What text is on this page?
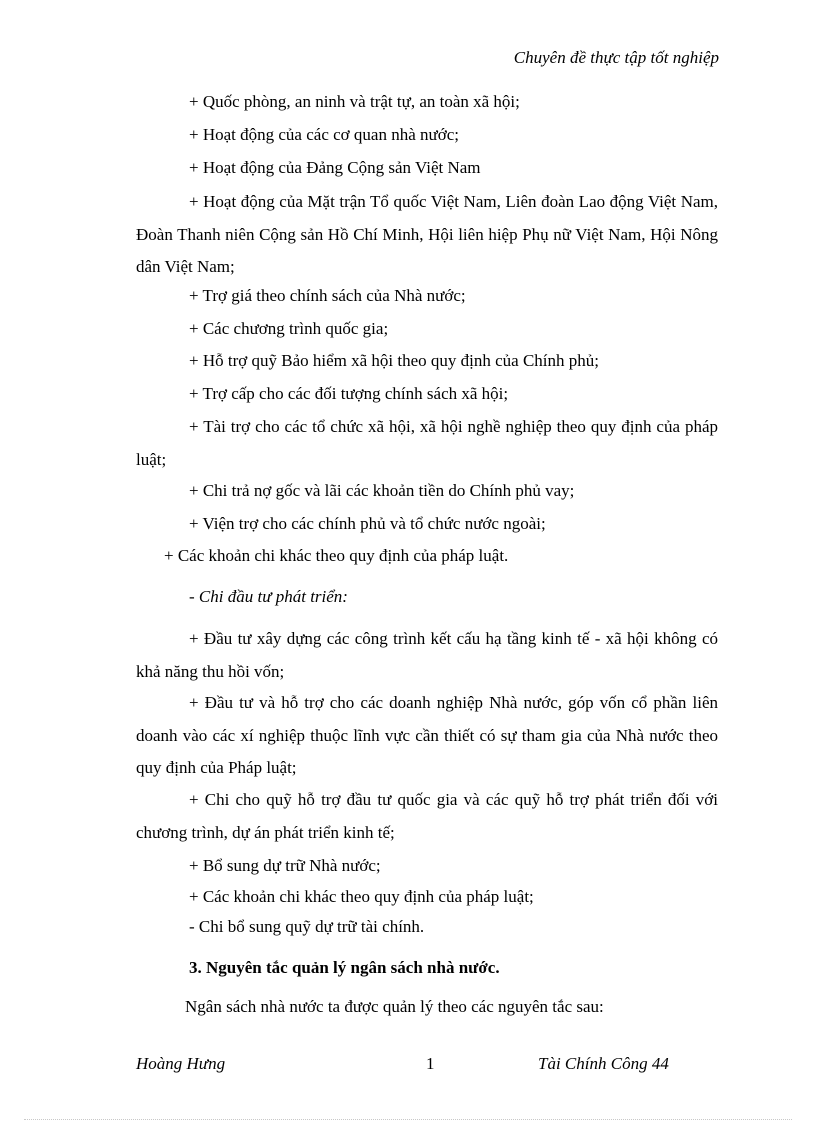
Chuyên đề thực tập tốt nghiệp
+ Quốc phòng, an ninh và trật tự, an toàn xã hội;
+ Hoạt động của các cơ quan nhà nước;
+ Hoạt động của Đảng Cộng sản Việt Nam

+ Hoạt động của Mặt trận Tổ quốc Việt Nam, Liên đoàn Lao động Việt Nam, Đoàn Thanh niên Cộng sản Hồ Chí Minh, Hội liên hiệp Phụ nữ Việt Nam, Hội Nông dân Việt Nam;

+ Trợ giá theo chính sách của Nhà nước;
+ Các chương trình quốc gia;
+ Hỗ trợ quỹ Bảo hiểm xã hội theo quy định của Chính phủ;
+ Trợ cấp cho các đối tượng chính sách xã hội;

+ Tài trợ cho các tổ chức xã hội, xã hội nghề nghiệp theo quy định của pháp luật;

+ Chi trả nợ gốc và lãi các khoản tiền do Chính phủ vay;
+ Viện trợ cho các chính phủ và tổ chức nước ngoài;
+ Các khoản chi khác theo quy định của pháp luật.
- Chi đầu tư phát triển:

+ Đầu tư xây dựng các công trình kết cấu hạ tầng kinh tế - xã hội không có khả năng thu hồi vốn;

+ Đầu tư và hỗ trợ cho các doanh nghiệp Nhà nước, góp vốn cổ phần liên doanh vào các xí nghiệp thuộc lĩnh vực cần thiết có sự tham gia của Nhà nước theo quy định của Pháp luật;

+ Chi cho quỹ hỗ trợ đầu tư quốc gia và các quỹ hỗ trợ phát triển đối với chương trình, dự án phát triển kinh tế;

+ Bổ sung dự trữ Nhà nước;
+ Các khoản chi khác theo quy định của pháp luật;
- Chi bổ sung quỹ dự trữ tài chính.
3. Nguyên tắc quản lý ngân sách nhà nước.
Ngân sách nhà nước ta được quản lý theo các nguyên tắc sau:
Hoàng Hưng	1	Tài Chính Công 44
